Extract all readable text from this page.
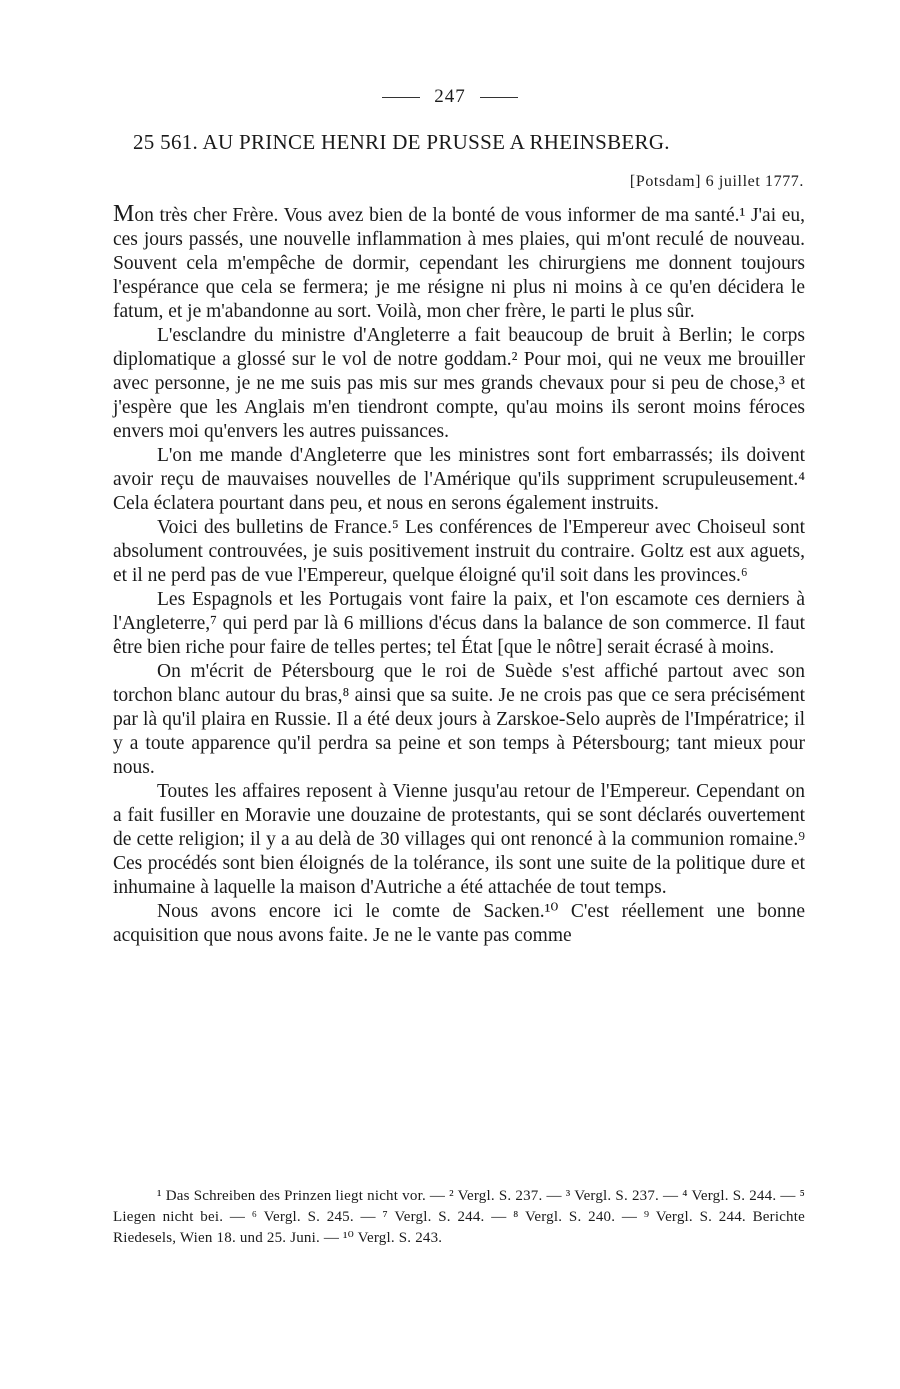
247
25 561. AU PRINCE HENRI DE PRUSSE A RHEINSBERG.
[Potsdam] 6 juillet 1777.

Mon très cher Frère. Vous avez bien de la bonté de vous informer de ma santé.¹ J'ai eu, ces jours passés, une nouvelle inflammation à mes plaies, qui m'ont reculé de nouveau. Souvent cela m'empêche de dormir, cependant les chirurgiens me donnent toujours l'espérance que cela se fermera; je me résigne ni plus ni moins à ce qu'en décidera le fatum, et je m'abandonne au sort. Voilà, mon cher frère, le parti le plus sûr.

L'esclandre du ministre d'Angleterre a fait beaucoup de bruit à Berlin; le corps diplomatique a glossé sur le vol de notre goddam.² Pour moi, qui ne veux me brouiller avec personne, je ne me suis pas mis sur mes grands chevaux pour si peu de chose,³ et j'espère que les Anglais m'en tiendront compte, qu'au moins ils seront moins féroces envers moi qu'envers les autres puissances.

L'on me mande d'Angleterre que les ministres sont fort embarrassés; ils doivent avoir reçu de mauvaises nouvelles de l'Amérique qu'ils suppriment scrupuleusement.⁴ Cela éclatera pourtant dans peu, et nous en serons également instruits.

Voici des bulletins de France.⁵ Les conférences de l'Empereur avec Choiseul sont absolument controuvées, je suis positivement instruit du contraire. Goltz est aux aguets, et il ne perd pas de vue l'Empereur, quelque éloigné qu'il soit dans les provinces.⁶

Les Espagnols et les Portugais vont faire la paix, et l'on escamote ces derniers à l'Angleterre,⁷ qui perd par là 6 millions d'écus dans la balance de son commerce. Il faut être bien riche pour faire de telles pertes; tel État [que le nôtre] serait écrasé à moins.

On m'écrit de Pétersbourg que le roi de Suède s'est affiché partout avec son torchon blanc autour du bras,⁸ ainsi que sa suite. Je ne crois pas que ce sera précisément par là qu'il plaira en Russie. Il a été deux jours à Zarskoe-Selo auprès de l'Impératrice; il y a toute apparence qu'il perdra sa peine et son temps à Pétersbourg; tant mieux pour nous.

Toutes les affaires reposent à Vienne jusqu'au retour de l'Empereur. Cependant on a fait fusiller en Moravie une douzaine de protestants, qui se sont déclarés ouvertement de cette religion; il y a au delà de 30 villages qui ont renoncé à la communion romaine.⁹ Ces procédés sont bien éloignés de la tolérance, ils sont une suite de la politique dure et inhumaine à laquelle la maison d'Autriche a été attachée de tout temps.

Nous avons encore ici le comte de Sacken.¹⁰ C'est réellement une bonne acquisition que nous avons faite. Je ne le vante pas comme

¹ Das Schreiben des Prinzen liegt nicht vor. — ² Vergl. S. 237. — ³ Vergl. S. 237. — ⁴ Vergl. S. 244. — ⁵ Liegen nicht bei. — ⁶ Vergl. S. 245. — ⁷ Vergl. S. 244. — ⁸ Vergl. S. 240. — ⁹ Vergl. S. 244. Berichte Riedesels, Wien 18. und 25. Juni. — ¹⁰ Vergl. S. 243.
